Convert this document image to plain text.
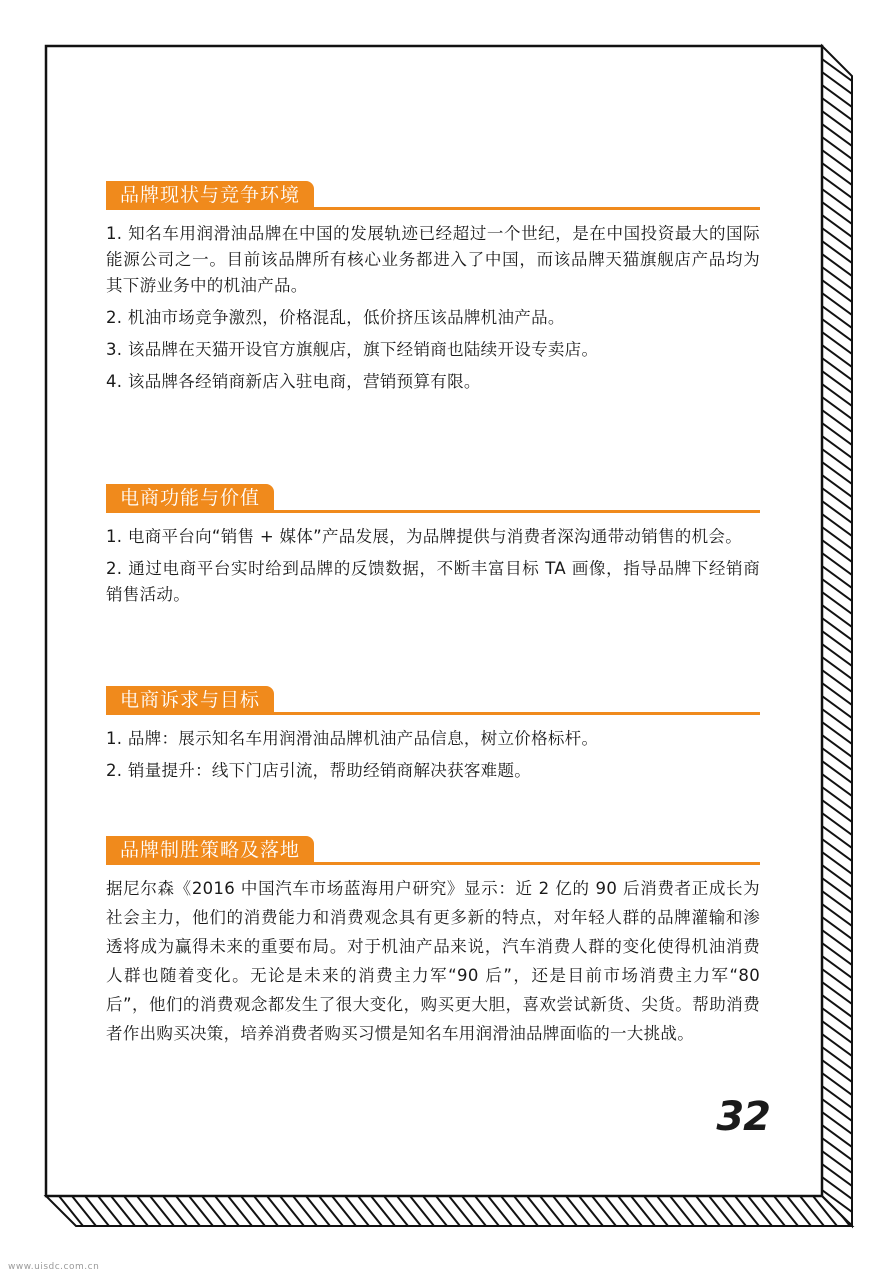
品牌现状与竞争环境
1. 知名车用润滑油品牌在中国的发展轨迹已经超过一个世纪，是在中国投资最大的国际能源公司之一。目前该品牌所有核心业务都进入了中国，而该品牌天猫旗舰店产品均为其下游业务中的机油产品。
2. 机油市场竞争激烈，价格混乱，低价挤压该品牌机油产品。
3. 该品牌在天猫开设官方旗舰店，旗下经销商也陆续开设专卖店。
4. 该品牌各经销商新店入驻电商，营销预算有限。
电商功能与价值
1. 电商平台向“销售 + 媒体”产品发展，为品牌提供与消费者深沟通带动销售的机会。
2. 通过电商平台实时给到品牌的反馈数据，不断丰富目标 TA 画像，指导品牌下经销商销售活动。
电商诉求与目标
1. 品牌：展示知名车用润滑油品牌机油产品信息，树立价格标杆。
2. 销量提升：线下门店引流，帮助经销商解决获客难题。
品牌制胜策略及落地
据尼尔森《2016 中国汽车市场蓝海用户研究》显示：近 2 亿的 90 后消费者正成长为社会主力，他们的消费能力和消费观念具有更多新的特点，对年轻人群的品牌灌输和渗透将成为赢得未来的重要布局。对于机油产品来说，汽车消费人群的变化使得机油消费人群也随着变化。无论是未来的消费主力军“90 后”，还是目前市场消费主力军“80 后”，他们的消费观念都发生了很大变化，购买更大胆，喜欢尝试新货、尖货。帮助消费者作出购买决策，培养消费者购买习惯是知名车用润滑油品牌面临的一大挑战。
32
www.uisdc.com.cn
